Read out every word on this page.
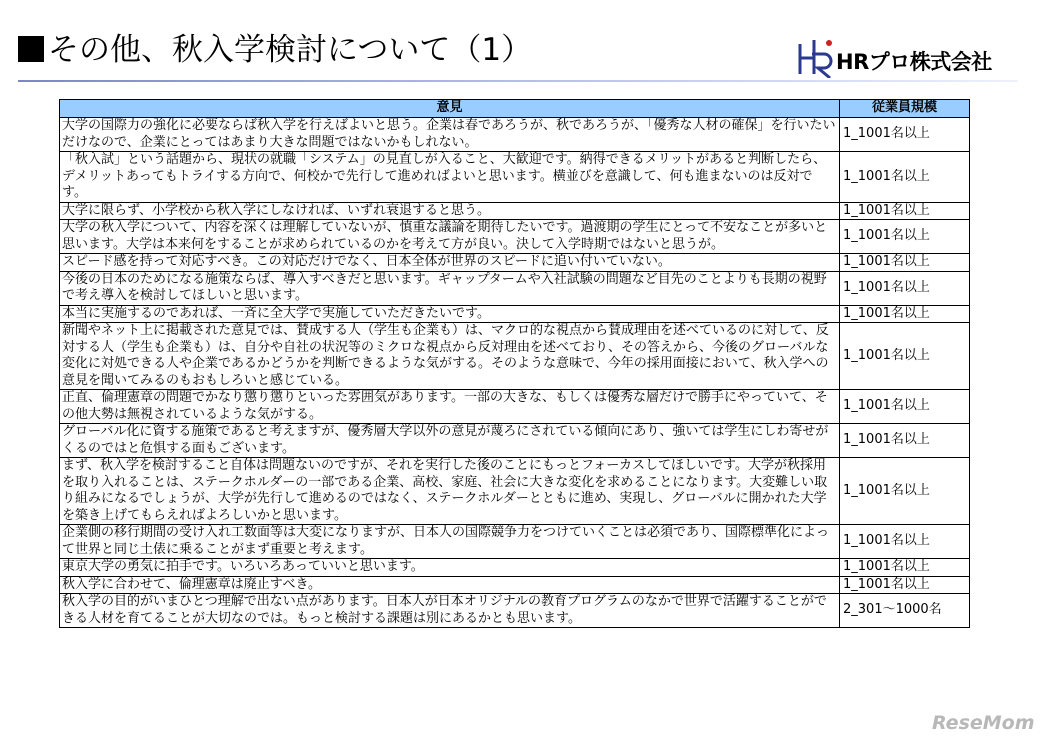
その他、秋入学検討について（1）	HRプロ株式会社
意見	従業員規模
大学の国際力の強化に必要ならば秋入学を行えばよいと思う。企業は春であろうが、秋であろうが、「優秀な人材の確保」を行いたいだけなので、企業にとってはあまり大きな問題ではないかもしれない。	1_1001名以上
「秋入試」という話題から、現状の就職「システム」の見直しが入ること、大歓迎です。納得できるメリットがあると判断したら、デメリットあってもトライする方向で、何校かで先行して進めればよいと思います。横並びを意識して、何も進まないのは反対です。	1_1001名以上
大学に限らず、小学校から秋入学にしなければ、いずれ衰退すると思う。	1_1001名以上
大学の秋入学について、内容を深くは理解していないが、慎重な議論を期待したいです。過渡期の学生にとって不安なことが多いと思います。大学は本来何をすることが求められているのかを考えて方が良い。決して入学時期ではないと思うが。	1_1001名以上
スピード感を持って対応すべき。この対応だけでなく、日本全体が世界のスピードに追い付いていない。	1_1001名以上
今後の日本のためになる施策ならば、導入すべきだと思います。ギャップタームや入社試験の問題など目先のことよりも長期の視野で考え導入を検討してほしいと思います。	1_1001名以上
本当に実施するのであれば、一斉に全大学で実施していただきたいです。	1_1001名以上
新聞やネット上に掲載された意見では、賛成する人（学生も企業も）は、マクロ的な視点から賛成理由を述べているのに対して、反対する人（学生も企業も）は、自分や自社の状況等のミクロな視点から反対理由を述べており、その答えから、今後のグローバルな変化に対処できる人や企業であるかどうかを判断できるような気がする。そのような意味で、今年の採用面接において、秋入学への意見を聞いてみるのもおもしろいと感じている。	1_1001名以上
正直、倫理憲章の問題でかなり懲り懲りといった雰囲気があります。一部の大きな、もしくは優秀な層だけで勝手にやっていて、その他大勢は無視されているような気がする。	1_1001名以上
グローバル化に資する施策であると考えますが、優秀層大学以外の意見が蔑ろにされている傾向にあり、強いては学生にしわ寄せがくるのではと危惧する面もございます。	1_1001名以上
まず、秋入学を検討すること自体は問題ないのですが、それを実行した後のことにもっとフォーカスしてほしいです。大学が秋採用を取り入れることは、ステークホルダーの一部である企業、高校、家庭、社会に大きな変化を求めることになります。大変難しい取り組みになるでしょうが、大学が先行して進めるのではなく、ステークホルダーとともに進め、実現し、グローバルに開かれた大学を築き上げてもらえればよろしいかと思います。	1_1001名以上
企業側の移行期間の受け入れ工数面等は大変になりますが、日本人の国際競争力をつけていくことは必須であり、国際標準化によって世界と同じ土俵に乗ることがまず重要と考えます。	1_1001名以上
東京大学の勇気に拍手です。いろいろあっていいと思います。	1_1001名以上
秋入学に合わせて、倫理憲章は廃止すべき。	1_1001名以上
秋入学の目的がいまひとつ理解で出ない点があります。日本人が日本オリジナルの教育プログラムのなかで世界で活躍することができる人材を育てることが大切なのでは。もっと検討する課題は別にあるかとも思います。	2_301～1000名
ReseMom
